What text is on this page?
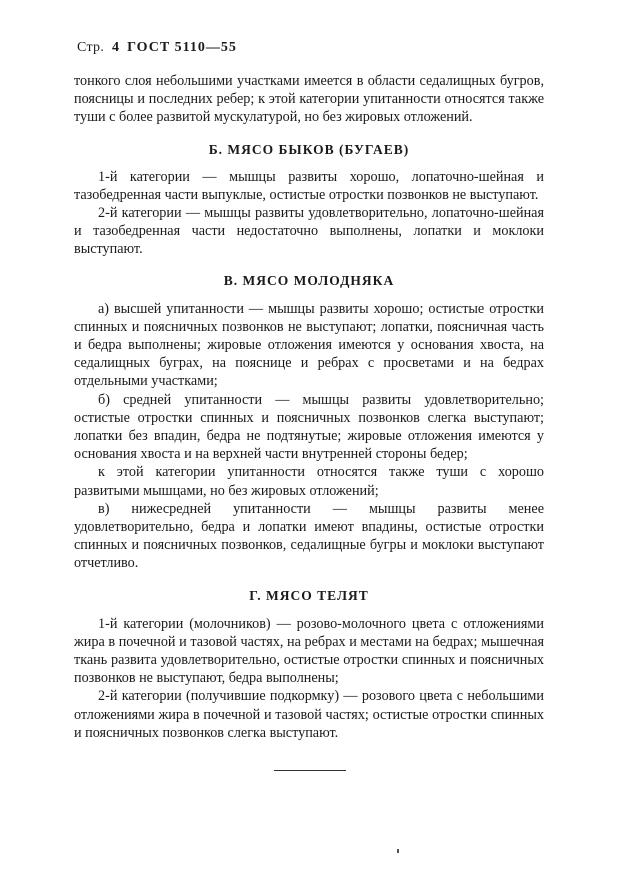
Стр. 4 ГОСТ 5110—55

тонкого слоя небольшими участками имеется в области седалищных бугров, поясницы и последних ребер; к этой категории упитанности относятся также туши с более развитой мускулатурой, но без жировых отложений.

Б. МЯСО БЫКОВ (БУГАЕВ)

1-й категории — мышцы развиты хорошо, лопаточно-шейная и тазобедренная части выпуклые, остистые отростки позвонков не выступают.

2-й категории — мышцы развиты удовлетворительно, лопаточно-шейная и тазобедренная части недостаточно выполнены, лопатки и моклоки выступают.

В. МЯСО МОЛОДНЯКА

а) высшей упитанности — мышцы развиты хорошо; остистые отростки спинных и поясничных позвонков не выступают; лопатки, поясничная часть и бедра выполнены; жировые отложения имеются у основания хвоста, на седалищных буграх, на пояснице и ребрах с просветами и на бедрах отдельными участками;

б) средней упитанности — мышцы развиты удовлетворительно; остистые отростки спинных и поясничных позвонков слегка выступают; лопатки без впадин, бедра не подтянутые; жировые отложения имеются у основания хвоста и на верхней части внутренней стороны бедер;

к этой категории упитанности относятся также туши с хорошо развитыми мышцами, но без жировых отложений;

в) нижесредней упитанности — мышцы развиты менее удовлетворительно, бедра и лопатки имеют впадины, остистые отростки спинных и поясничных позвонков, седалищные бугры и моклоки выступают отчетливо.

Г. МЯСО ТЕЛЯТ

1-й категории (молочников) — розово-молочного цвета с отложениями жира в почечной и тазовой частях, на ребрах и местами на бедрах; мышечная ткань развита удовлетворительно, остистые отростки спинных и поясничных позвонков не выступают, бедра выполнены;

2-й категории (получившие подкормку) — розового цвета с небольшими отложениями жира в почечной и тазовой частях; остистые отростки спинных и поясничных позвонков слегка выступают.
